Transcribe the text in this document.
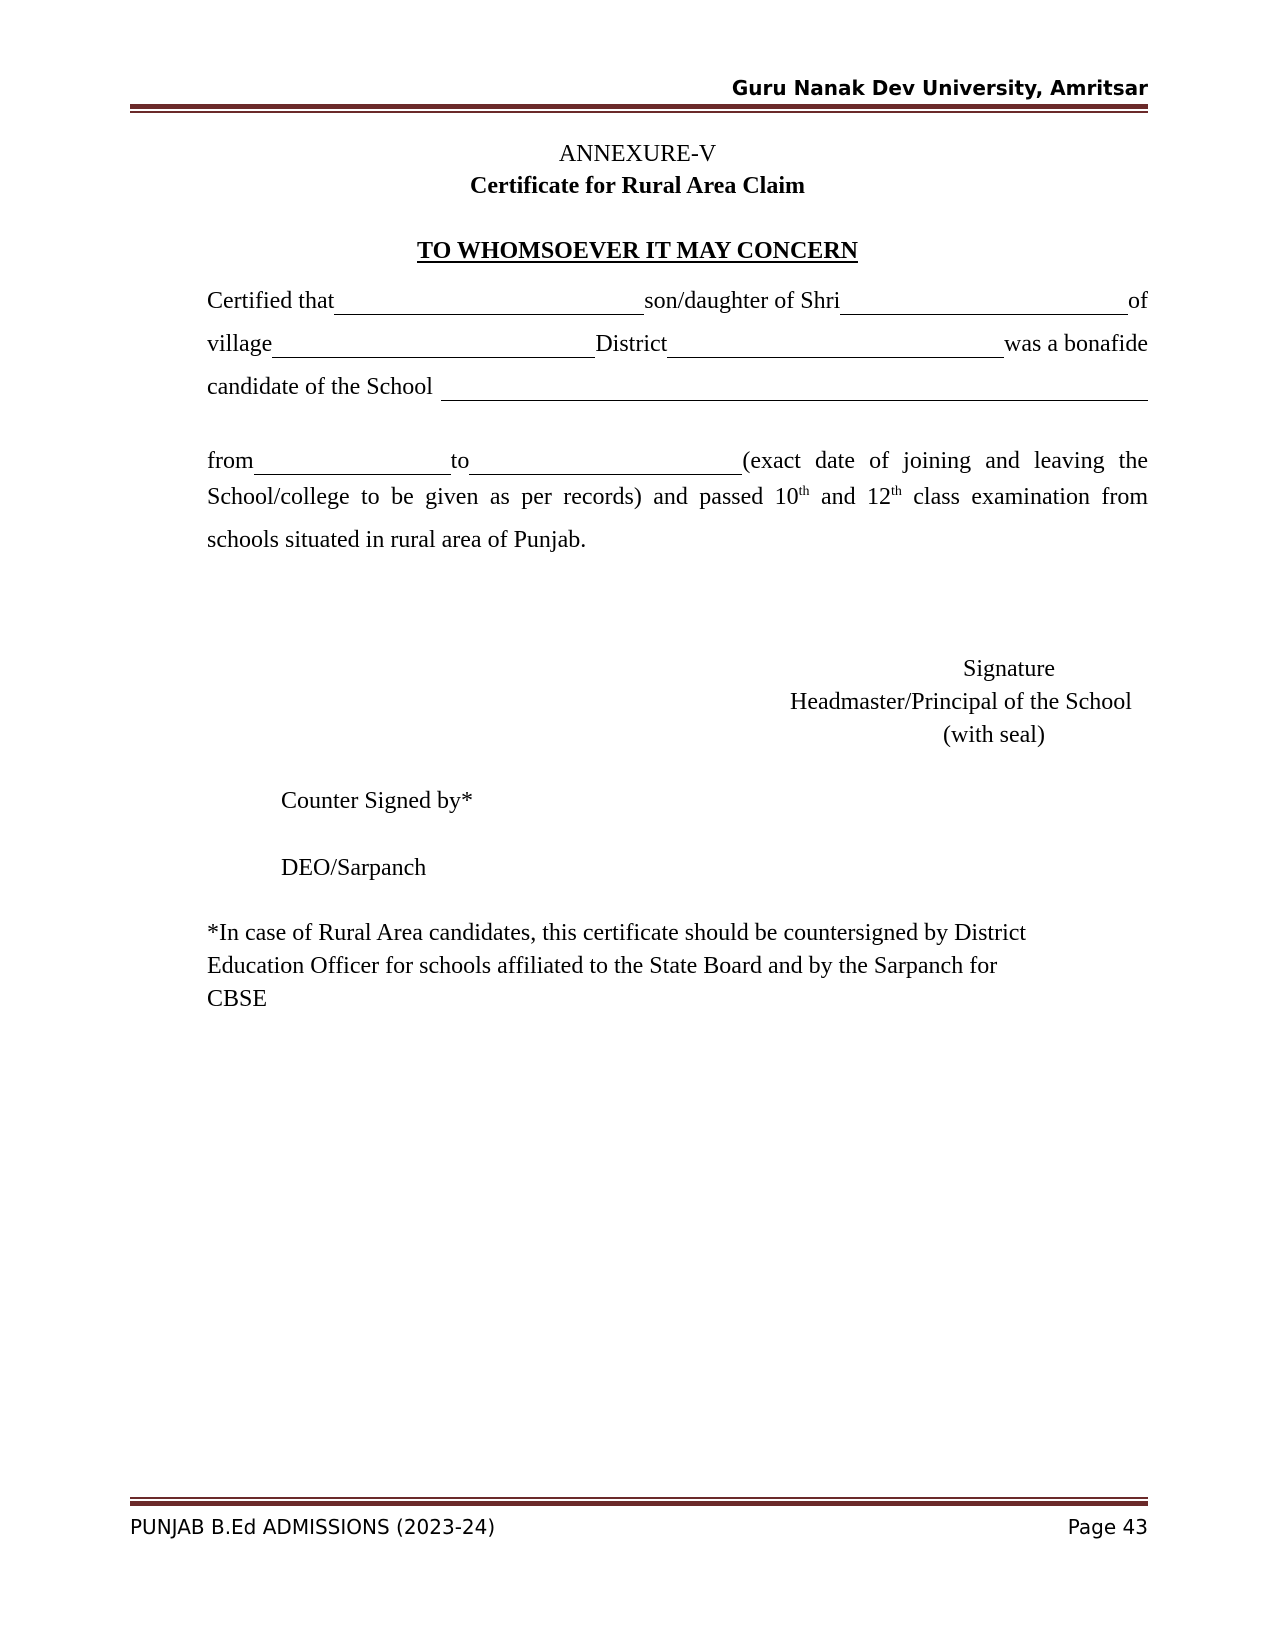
Guru Nanak Dev University, Amritsar
ANNEXURE-V
Certificate for Rural Area Claim
TO WHOMSOEVER IT MAY CONCERN
Certified that	son/daughter of Shri	of
village	District	was a bonafide
candidate of the School
from	to	(exact date of joining and leaving the
School/college to be given as per records) and passed 10th and 12th class examination from
schools situated in rural area of Punjab.
Signature
Headmaster/Principal of the School
(with seal)
Counter Signed by*
DEO/Sarpanch
*In case of Rural Area candidates, this certificate should be countersigned by District
Education Officer for schools affiliated to the State Board and by the Sarpanch for
CBSE
PUNJAB B.Ed ADMISSIONS (2023-24)	Page 43
